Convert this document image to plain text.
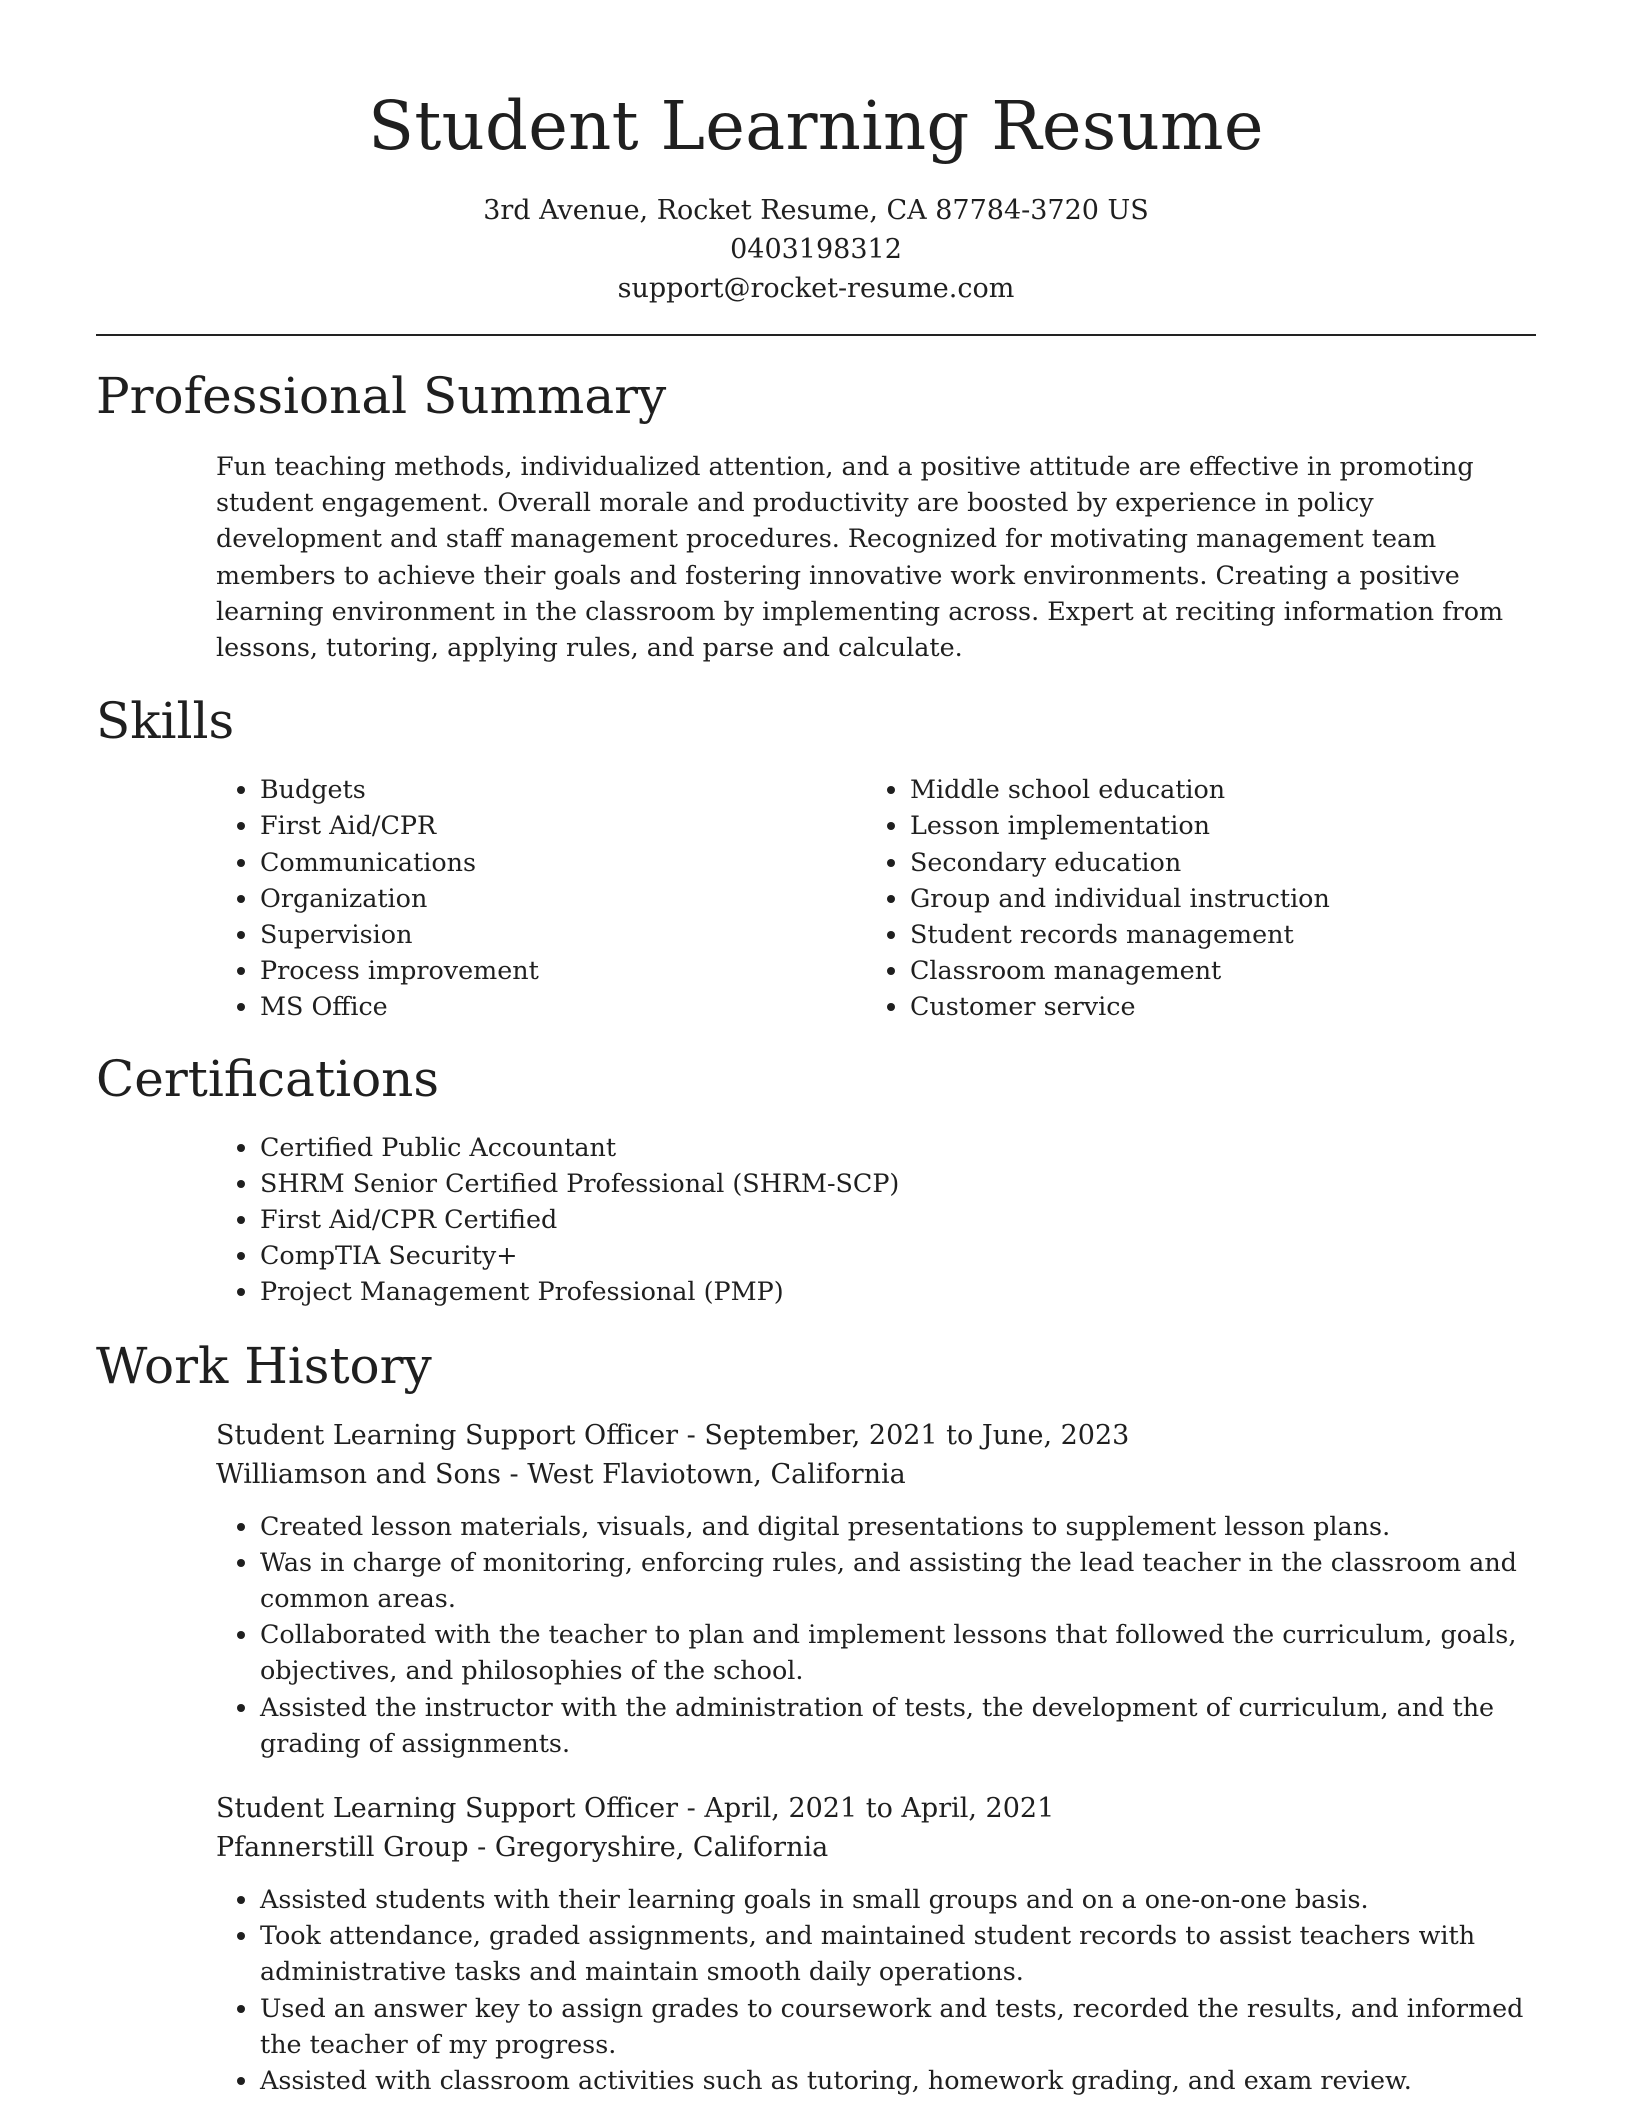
Student Learning Resume
3rd Avenue, Rocket Resume, CA 87784-3720 US
0403198312
support@rocket-resume.com
Professional Summary
Fun teaching methods, individualized attention, and a positive attitude are effective in promoting student engagement. Overall morale and productivity are boosted by experience in policy development and staff management procedures. Recognized for motivating management team members to achieve their goals and fostering innovative work environments. Creating a positive learning environment in the classroom by implementing across. Expert at reciting information from lessons, tutoring, applying rules, and parse and calculate.
Skills
• Budgets
• First Aid/CPR
• Communications
• Organization
• Supervision
• Process improvement
• MS Office
• Middle school education
• Lesson implementation
• Secondary education
• Group and individual instruction
• Student records management
• Classroom management
• Customer service
Certifications
• Certified Public Accountant
• SHRM Senior Certified Professional (SHRM-SCP)
• First Aid/CPR Certified
• CompTIA Security+
• Project Management Professional (PMP)
Work History
Student Learning Support Officer - September, 2021 to June, 2023
Williamson and Sons - West Flaviotown, California
• Created lesson materials, visuals, and digital presentations to supplement lesson plans.
• Was in charge of monitoring, enforcing rules, and assisting the lead teacher in the classroom and common areas.
• Collaborated with the teacher to plan and implement lessons that followed the curriculum, goals, objectives, and philosophies of the school.
• Assisted the instructor with the administration of tests, the development of curriculum, and the grading of assignments.
Student Learning Support Officer - April, 2021 to April, 2021
Pfannerstill Group - Gregoryshire, California
• Assisted students with their learning goals in small groups and on a one-on-one basis.
• Took attendance, graded assignments, and maintained student records to assist teachers with administrative tasks and maintain smooth daily operations.
• Used an answer key to assign grades to coursework and tests, recorded the results, and informed the teacher of my progress.
• Assisted with classroom activities such as tutoring, homework grading, and exam review.
